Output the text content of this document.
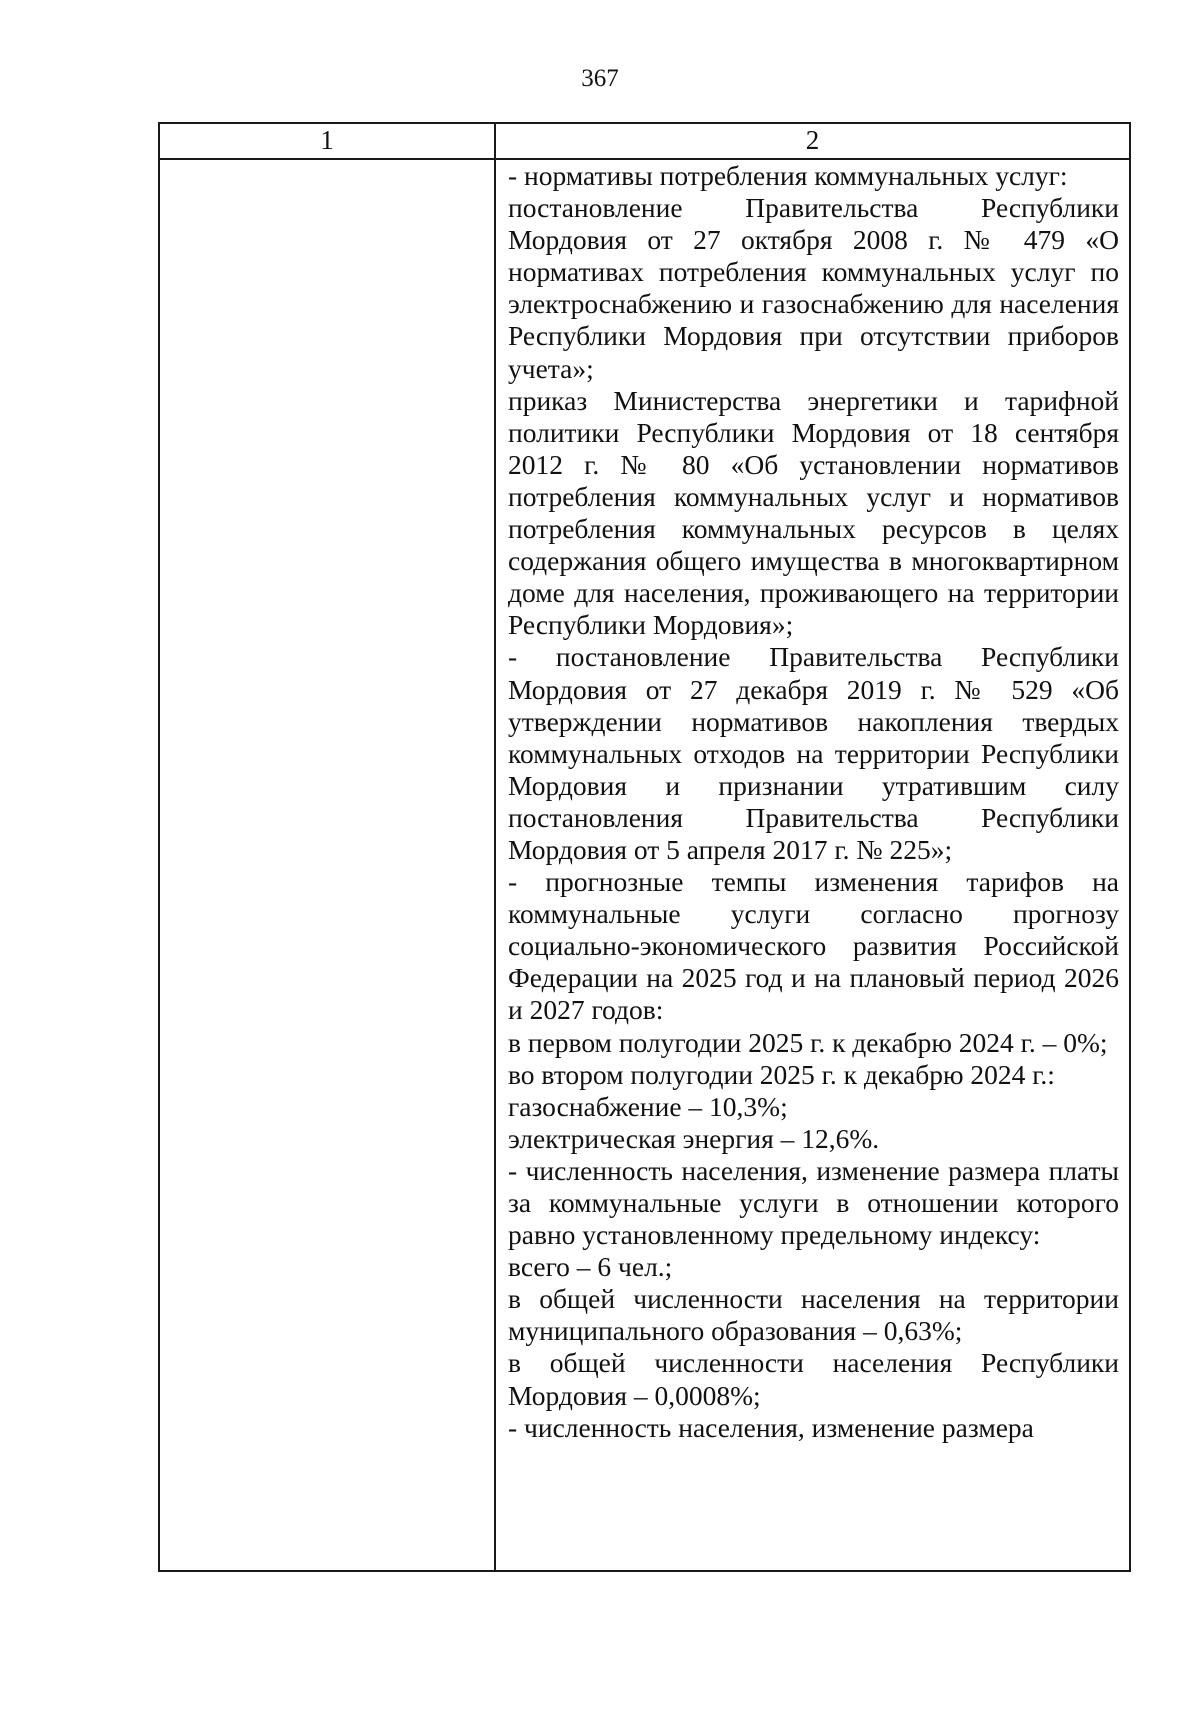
367
1	2

- нормативы потребления коммунальных услуг:

постановление Правительства Республики Мордовия от 27 октября 2008 г. № 479 «О нормативах потребления коммунальных услуг по электроснабжению и газоснабжению для населения Республики Мордовия при отсутствии приборов учета»;

приказ Министерства энергетики и тарифной политики Республики Мордовия от 18 сентября 2012 г. № 80 «Об установлении нормативов потребления коммунальных услуг и нормативов потребления коммунальных ресурсов в целях содержания общего имущества в многоквартирном доме для населения, проживающего на территории Республики Мордовия»;

- постановление Правительства Республики Мордовия от 27 декабря 2019 г. № 529 «Об утверждении нормативов накопления твердых коммунальных отходов на территории Республики Мордовия и признании утратившим силу постановления Правительства Республики Мордовия от 5 апреля 2017 г. № 225»;

- прогнозные темпы изменения тарифов на коммунальные услуги согласно прогнозу социально-экономического развития Российской Федерации на 2025 год и на плановый период 2026 и 2027 годов:

в первом полугодии 2025 г. к декабрю 2024 г. – 0%;

во втором полугодии 2025 г. к декабрю 2024 г.:

газоснабжение – 10,3%;

электрическая энергия – 12,6%.

- численность населения, изменение размера платы за коммунальные услуги в отношении которого равно установленному предельному индексу:

всего – 6 чел.;

в общей численности населения на территории муниципального образования – 0,63%;

в общей численности населения Республики Мордовия – 0,0008%;

- численность населения, изменение размера
